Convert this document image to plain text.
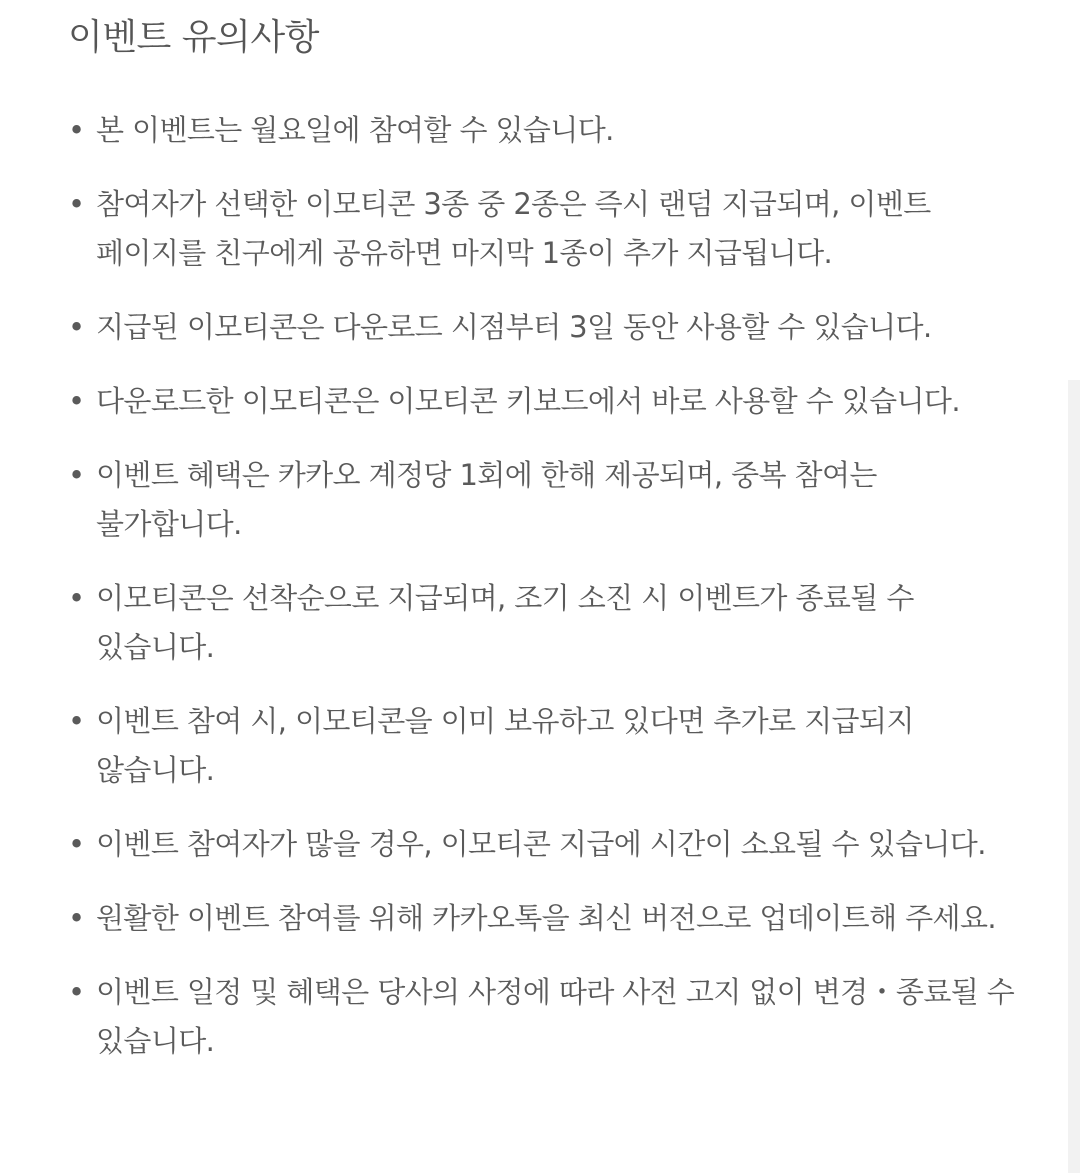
이벤트 유의사항
• 본 이벤트는 월요일에 참여할 수 있습니다.
• 참여자가 선택한 이모티콘 3종 중 2종은 즉시 랜덤 지급되며, 이벤트 페이지를 친구에게 공유하면 마지막 1종이 추가 지급됩니다.
• 지급된 이모티콘은 다운로드 시점부터 3일 동안 사용할 수 있습니다.
• 다운로드한 이모티콘은 이모티콘 키보드에서 바로 사용할 수 있습니다.
• 이벤트 혜택은 카카오 계정당 1회에 한해 제공되며, 중복 참여는 불가합니다.
• 이모티콘은 선착순으로 지급되며, 조기 소진 시 이벤트가 종료될 수 있습니다.
• 이벤트 참여 시, 이모티콘을 이미 보유하고 있다면 추가로 지급되지 않습니다.
• 이벤트 참여자가 많을 경우, 이모티콘 지급에 시간이 소요될 수 있습니다.
• 원활한 이벤트 참여를 위해 카카오톡을 최신 버전으로 업데이트해 주세요.
• 이벤트 일정 및 혜택은 당사의 사정에 따라 사전 고지 없이 변경・종료될 수 있습니다.
